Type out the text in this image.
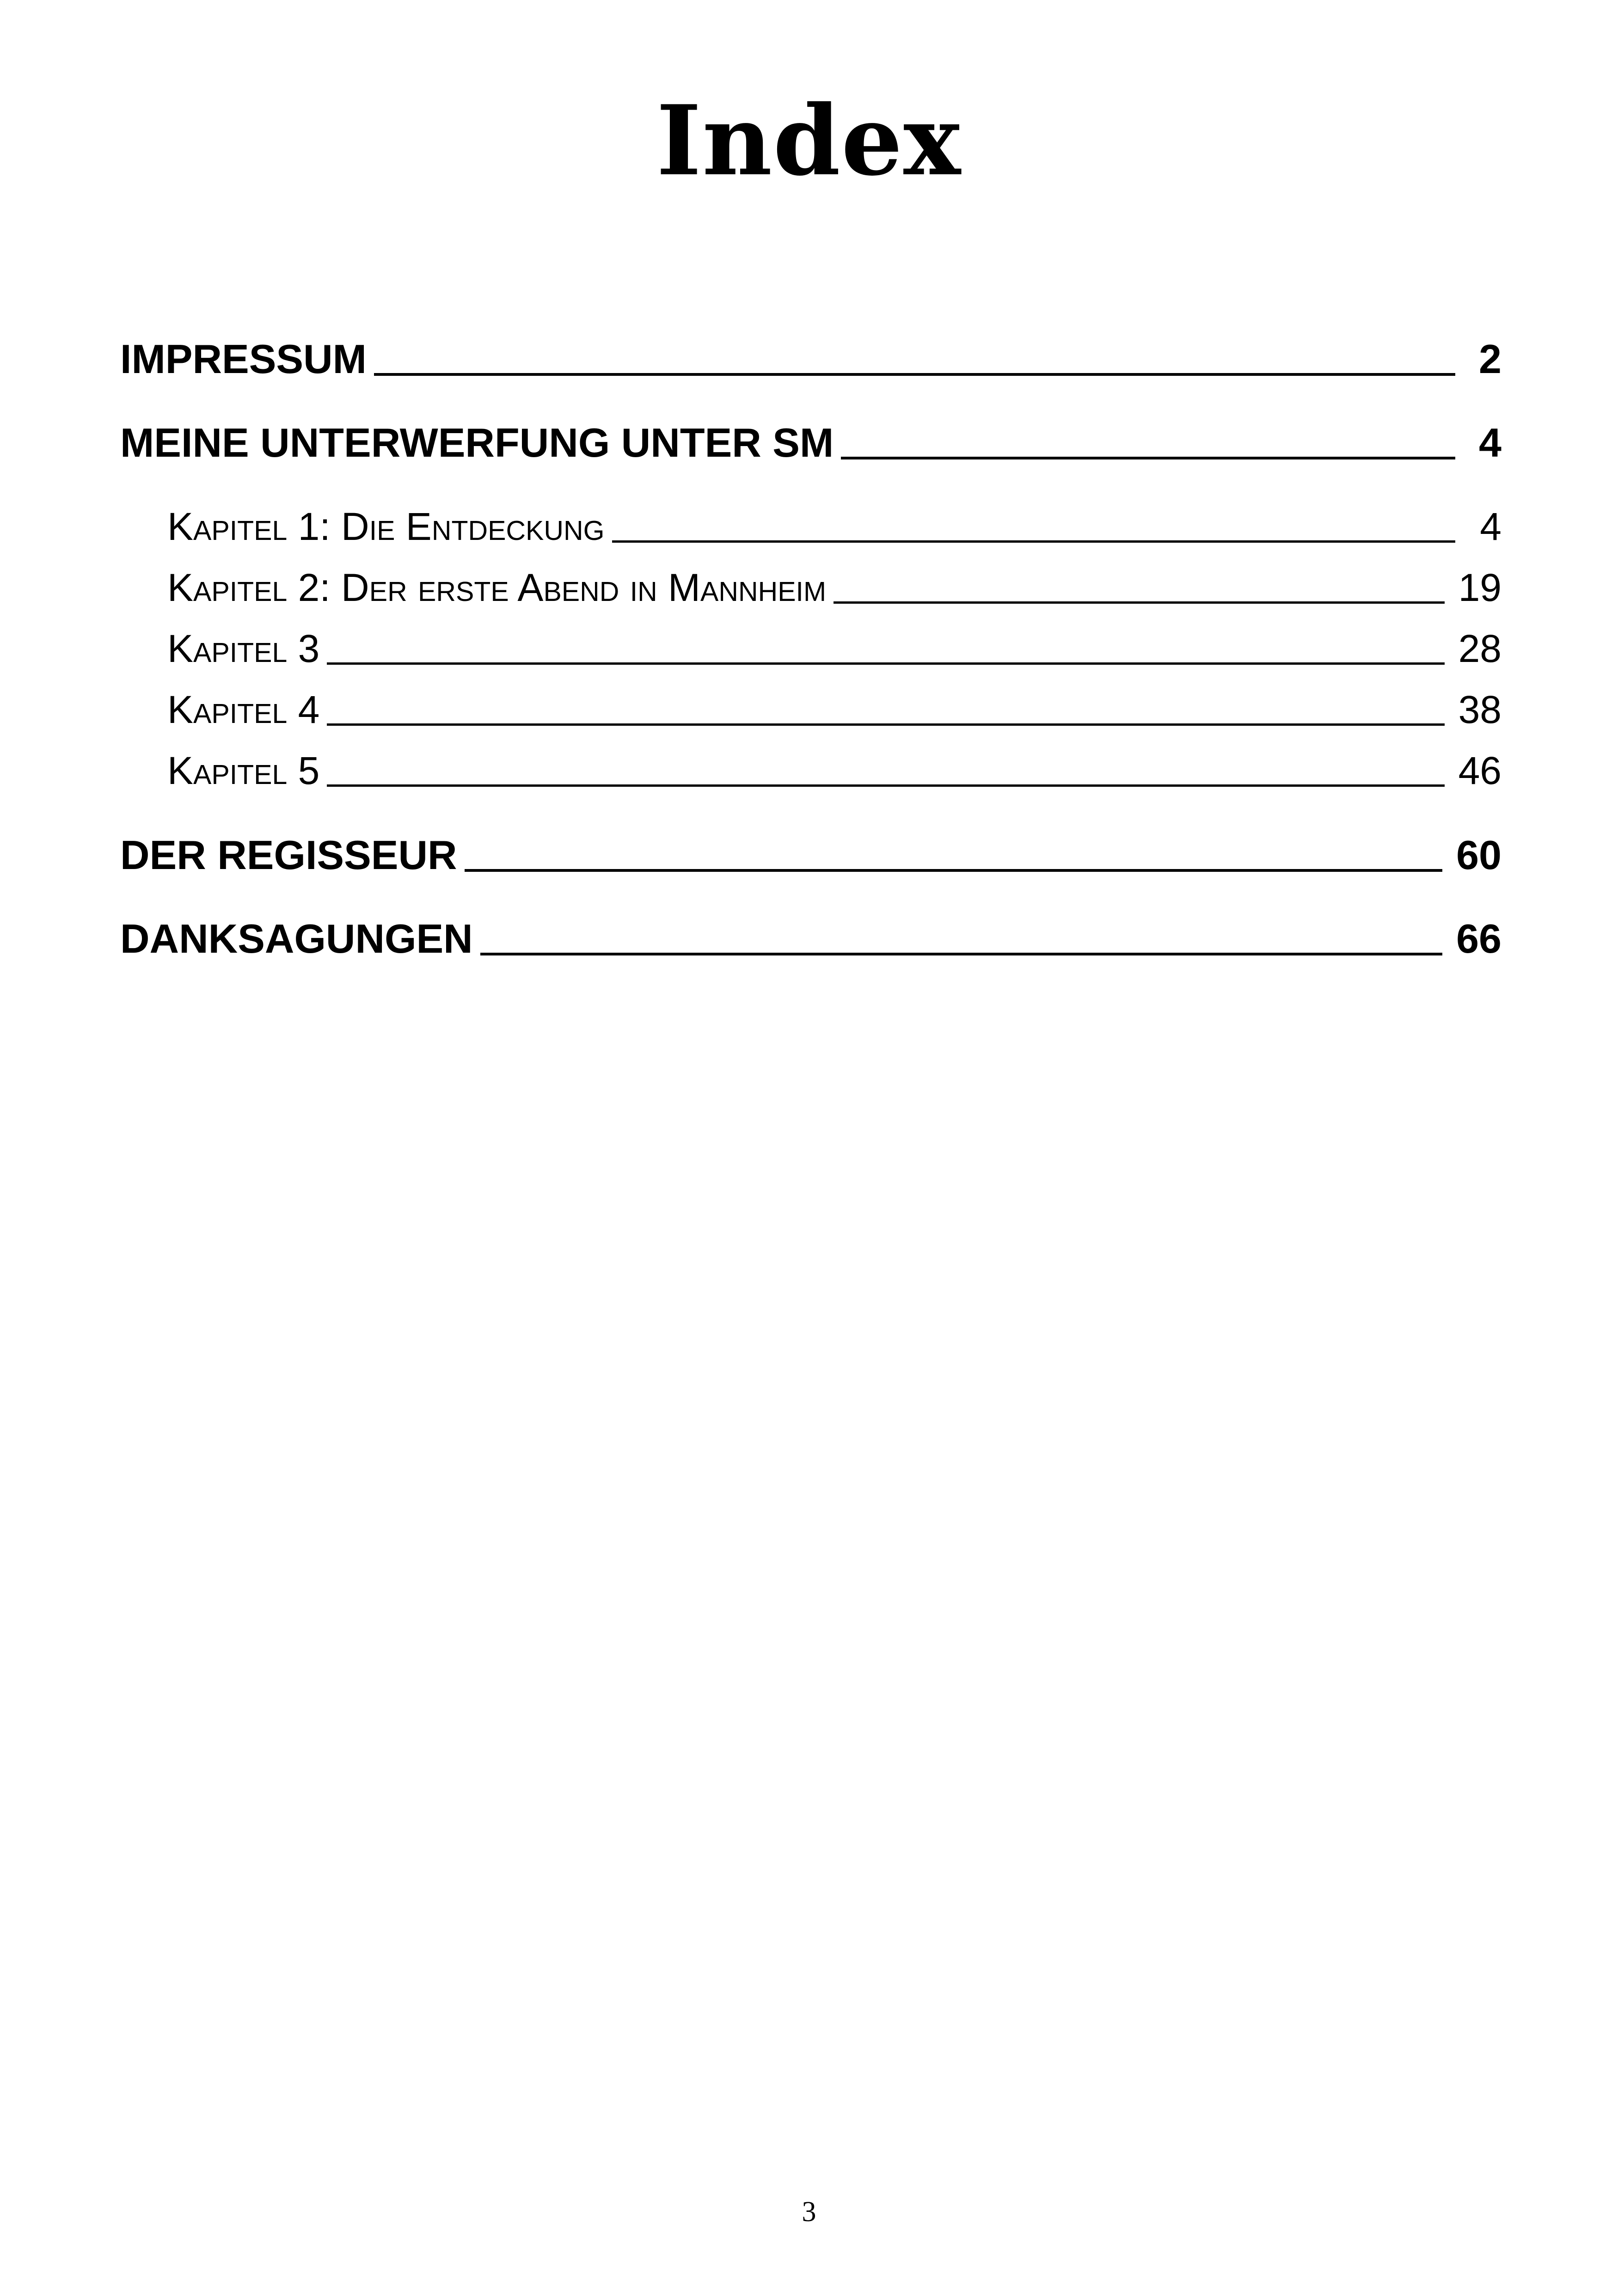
Index
IMPRESSUM	2
MEINE UNTERWERFUNG UNTER SM	4
Kapitel 1: Die Entdeckung	4
Kapitel 2: Der erste Abend in Mannheim	19
Kapitel 3	28
Kapitel 4	38
Kapitel 5	46
DER REGISSEUR	60
DANKSAGUNGEN	66
3
